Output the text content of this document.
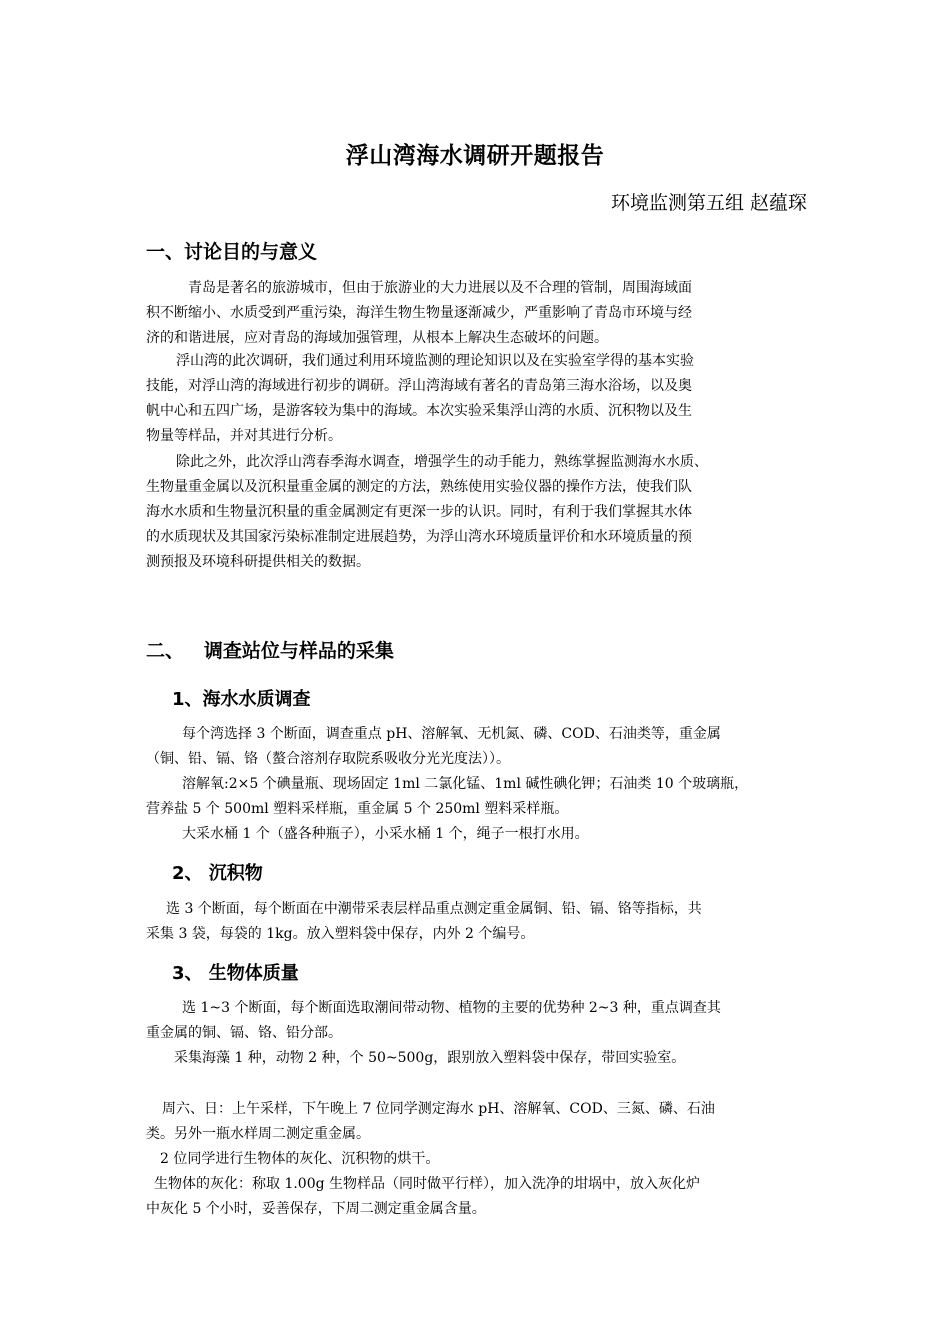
浮山湾海水调研开题报告
环境监测第五组 赵蕴琛
一、讨论目的与意义
青岛是著名的旅游城市，但由于旅游业的大力进展以及不合理的管制，周围海域面
积不断缩小、水质受到严重污染，海洋生物生物量逐渐减少，严重影响了青岛市环境与经
济的和谐进展，应对青岛的海域加强管理，从根本上解决生态破坏的问题。
浮山湾的此次调研，我们通过利用环境监测的理论知识以及在实验室学得的基本实验
技能，对浮山湾的海域进行初步的调研。浮山湾海域有著名的青岛第三海水浴场，以及奥
帆中心和五四广场，是游客较为集中的海域。本次实验采集浮山湾的水质、沉积物以及生
物量等样品，并对其进行分析。
除此之外，此次浮山湾春季海水调查，增强学生的动手能力，熟练掌握监测海水水质、
生物量重金属以及沉积量重金属的测定的方法，熟练使用实验仪器的操作方法，使我们队
海水水质和生物量沉积量的重金属测定有更深一步的认识。同时，有利于我们掌握其水体
的水质现状及其国家污染标准制定进展趋势，为浮山湾水环境质量评价和水环境质量的预
测预报及环境科研提供相关的数据。
二、   调查站位与样品的采集
1、海水水质调查
每个湾选择 3 个断面，调查重点 pH、溶解氧、无机氮、磷、COD、石油类等，重金属
（铜、铅、镉、铬（螯合溶剂存取院系吸收分光光度法））。
溶解氧:2×5 个碘量瓶、现场固定 1ml 二氯化锰、1ml 碱性碘化钾；石油类 10 个玻璃瓶，
营养盐 5 个 500ml 塑料采样瓶，重金属 5 个 250ml 塑料采样瓶。
大采水桶 1 个（盛各种瓶子），小采水桶 1 个，绳子一根打水用。
2、 沉积物
选 3 个断面，每个断面在中潮带采表层样品重点测定重金属铜、铅、镉、铬等指标，共
采集 3 袋，每袋的 1kg。放入塑料袋中保存，内外 2 个编号。
3、 生物体质量
选 1~3 个断面，每个断面选取潮间带动物、植物的主要的优势种 2~3 种，重点调查其
重金属的铜、镉、铬、铅分部。
采集海藻 1 种，动物 2 种，个 50~500g，跟别放入塑料袋中保存，带回实验室。
周六、日：上午采样，下午晚上 7 位同学测定海水 pH、溶解氧、COD、三氮、磷、石油
类。另外一瓶水样周二测定重金属。
2 位同学进行生物体的灰化、沉积物的烘干。
生物体的灰化：称取 1.00g 生物样品（同时做平行样），加入洗净的坩埚中，放入灰化炉
中灰化 5 个小时，妥善保存，下周二测定重金属含量。
